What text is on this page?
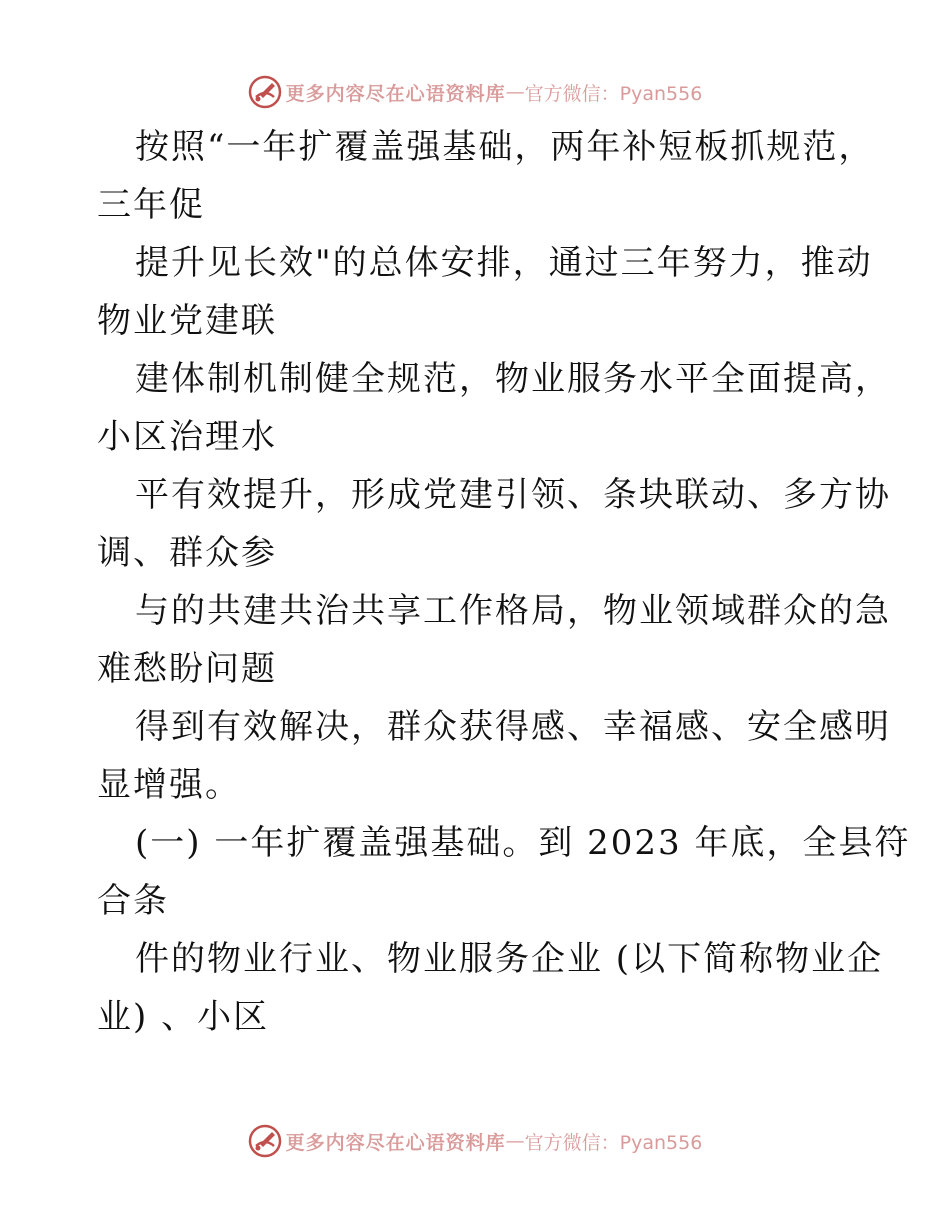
更多内容尽在心语资料库 — 官方微信：Pyan556
按照“一年扩覆盖强基础，两年补短板抓规范，
三年促
提升见长效"的总体安排，通过三年努力，推动
物业党建联
建体制机制健全规范，物业服务水平全面提高，
小区治理水
平有效提升，形成党建引领、条块联动、多方协
调、群众参
与的共建共治共享工作格局，物业领域群众的急
难愁盼问题
得到有效解决，群众获得感、幸福感、安全感明
显增强。
(一) 一年扩覆盖强基础。到 2023 年底，全县符
合条
件的物业行业、物业服务企业 (以下简称物业企
业) 、小区
更多内容尽在心语资料库 — 官方微信：Pyan556
